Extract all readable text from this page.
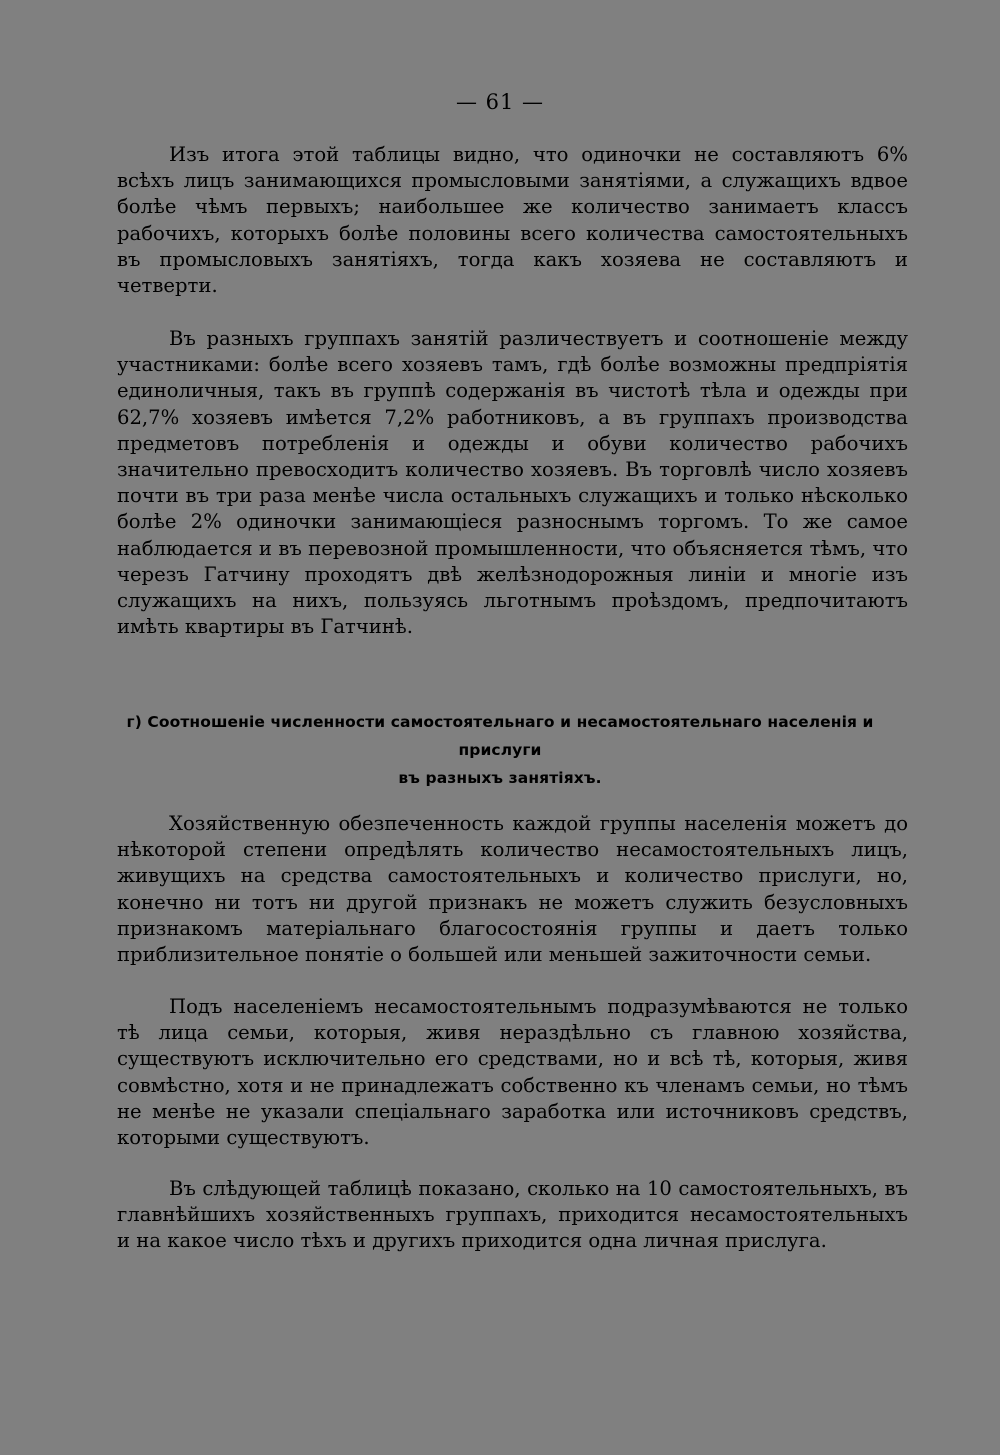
— 61 —

Изъ итога этой таблицы видно, что одиночки не составляютъ 6% всѣхъ лицъ занимающихся промысловыми занятіями, а служащихъ вдвое болѣе чѣмъ первыхъ; наибольшее же количество занимаетъ классъ рабочихъ, которыхъ болѣе половины всего количества самостоятельныхъ въ промысловыхъ занятіяхъ, тогда какъ хозяева не составляютъ и четверти.

Въ разныхъ группахъ занятій различествуетъ и соотношеніе между участниками: болѣе всего хозяевъ тамъ, гдѣ болѣе возможны предпріятія единоличныя, такъ въ группѣ содержанія въ чистотѣ тѣла и одежды при 62,7% хозяевъ имѣется 7,2% работниковъ, а въ группахъ производства предметовъ потребленія и одежды и обуви количество рабочихъ значительно превосходитъ количество хозяевъ. Въ торговлѣ число хозяевъ почти въ три раза менѣе числа остальныхъ служащихъ и только нѣсколько болѣе 2% одиночки занимающіеся разноснымъ торгомъ. То же самое наблюдается и въ перевозной промышленности, что объясняется тѣмъ, что черезъ Гатчину проходятъ двѣ желѣзнодорожныя линіи и многіе изъ служащихъ на нихъ, пользуясь льготнымъ проѣздомъ, предпочитаютъ имѣть квартиры въ Гатчинѣ.

г) Соотношеніе численности самостоятельнаго и несамостоятельнаго населенія и прислуги
въ разныхъ занятіяхъ.

Хозяйственную обезпеченность каждой группы населенія можетъ до нѣкоторой степени опредѣлять количество несамостоятельныхъ лицъ, живущихъ на средства самостоятельныхъ и количество прислуги, но, конечно ни тотъ ни другой признакъ не можетъ служить безусловныхъ признакомъ матеріальнаго благосостоянія группы и даетъ только приблизительное понятіе о большей или меньшей зажиточности семьи.

Подъ населеніемъ несамостоятельнымъ подразумѣваются не только тѣ лица семьи, которыя, живя нераздѣльно съ главною хозяйства, существуютъ исключительно его средствами, но и всѣ тѣ, которыя, живя совмѣстно, хотя и не принадлежатъ собственно къ членамъ семьи, но тѣмъ не менѣе не указали спеціальнаго заработка или источниковъ средствъ, которыми существуютъ.

Въ слѣдующей таблицѣ показано, сколько на 10 самостоятельныхъ, въ главнѣйшихъ хозяйственныхъ группахъ, приходится несамостоятельныхъ и на какое число тѣхъ и другихъ приходится одна личная прислуга.
